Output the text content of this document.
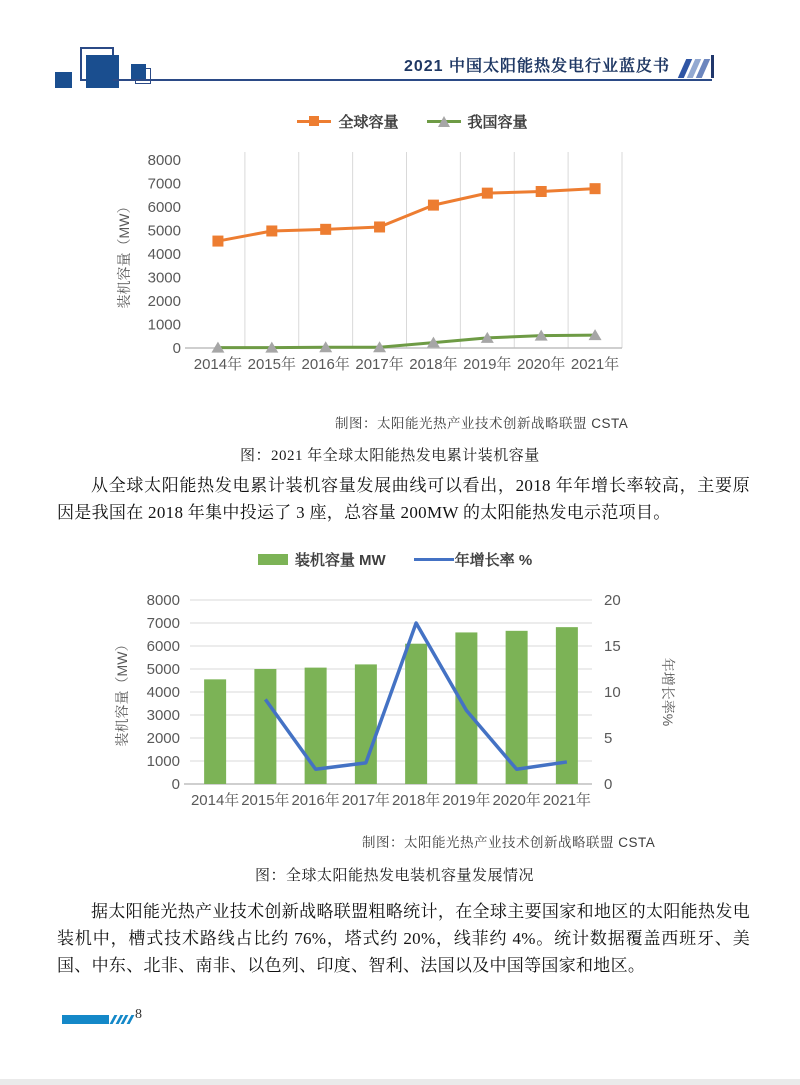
2021 中国太阳能热发电行业蓝皮书
全球容量	我国容量
0
1000
2000
3000
4000
5000
6000
7000
8000
2014年 2015年 2016年 2017年 2018年 2019年 2020年 2021年
装机容量（MW）
制图：太阳能光热产业技术创新战略联盟 CSTA
图：2021 年全球太阳能热发电累计装机容量
从全球太阳能热发电累计装机容量发展曲线可以看出，2018 年年增长率较高，主要原因是我国在 2018 年集中投运了 3 座，总容量 200MW 的太阳能热发电示范项目。
装机容量 MW	年增长率 %
0
1000
2000
3000
4000
5000
6000
7000
8000
0
5
10
15
20
2014年 2015年 2016年 2017年 2018年 2019年 2020年 2021年
装机容量（MW）	年增长率%
制图：太阳能光热产业技术创新战略联盟 CSTA
图：全球太阳能热发电装机容量发展情况
据太阳能光热产业技术创新战略联盟粗略统计，在全球主要国家和地区的太阳能热发电装机中，槽式技术路线占比约 76%，塔式约 20%，线菲约 4%。统计数据覆盖西班牙、美国、中东、北非、南非、以色列、印度、智利、法国以及中国等国家和地区。
8
